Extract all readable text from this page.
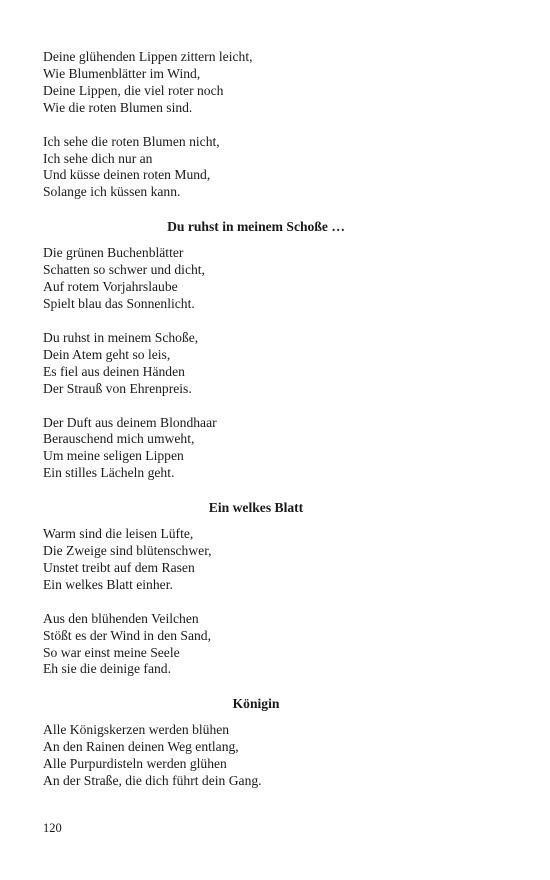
Deine glühenden Lippen zittern leicht,
Wie Blumenblätter im Wind,
Deine Lippen, die viel roter noch
Wie die roten Blumen sind.
Ich sehe die roten Blumen nicht,
Ich sehe dich nur an
Und küsse deinen roten Mund,
Solange ich küssen kann.
Du ruhst in meinem Schoße …
Die grünen Buchenblätter
Schatten so schwer und dicht,
Auf rotem Vorjahrslaube
Spielt blau das Sonnenlicht.
Du ruhst in meinem Schoße,
Dein Atem geht so leis,
Es fiel aus deinen Händen
Der Strauß von Ehrenpreis.
Der Duft aus deinem Blondhaar
Berauschend mich umweht,
Um meine seligen Lippen
Ein stilles Lächeln geht.
Ein welkes Blatt
Warm sind die leisen Lüfte,
Die Zweige sind blütenschwer,
Unstet treibt auf dem Rasen
Ein welkes Blatt einher.
Aus den blühenden Veilchen
Stößt es der Wind in den Sand,
So war einst meine Seele
Eh sie die deinige fand.
Königin
Alle Königskerzen werden blühen
An den Rainen deinen Weg entlang,
Alle Purpurdisteln werden glühen
An der Straße, die dich führt dein Gang.
120
